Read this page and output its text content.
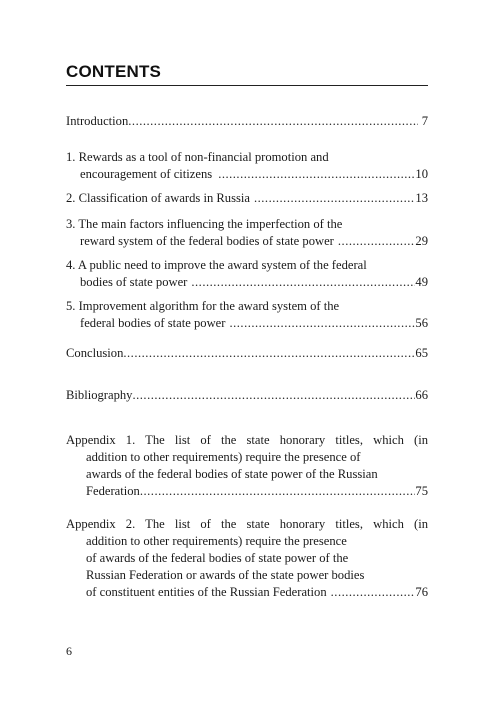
CONTENTS
Introduction .....	7
1. Rewards as a tool of non-financial promotion and
encouragement of citizens .....	10
2. Classification of awards in Russia .....	13
3. The main factors influencing the imperfection of the
reward system of the federal bodies of state power .....	29
4. A public need to improve the award system of the federal
bodies of state power .....	49
5. Improvement algorithm for the award system of the
federal bodies of state power .....	56
Conclusion .....	65
Bibliography .....	66
Appendix 1. The list of the state honorary titles, which (in
addition to other requirements) require the presence of
awards of the federal bodies of state power of the Russian
Federation .....	75
Appendix 2. The list of the state honorary titles, which (in
addition to other requirements) require the presence
of awards of the federal bodies of state power of the
Russian Federation or awards of the state power bodies
of constituent entities of the Russian Federation .....	76
6
